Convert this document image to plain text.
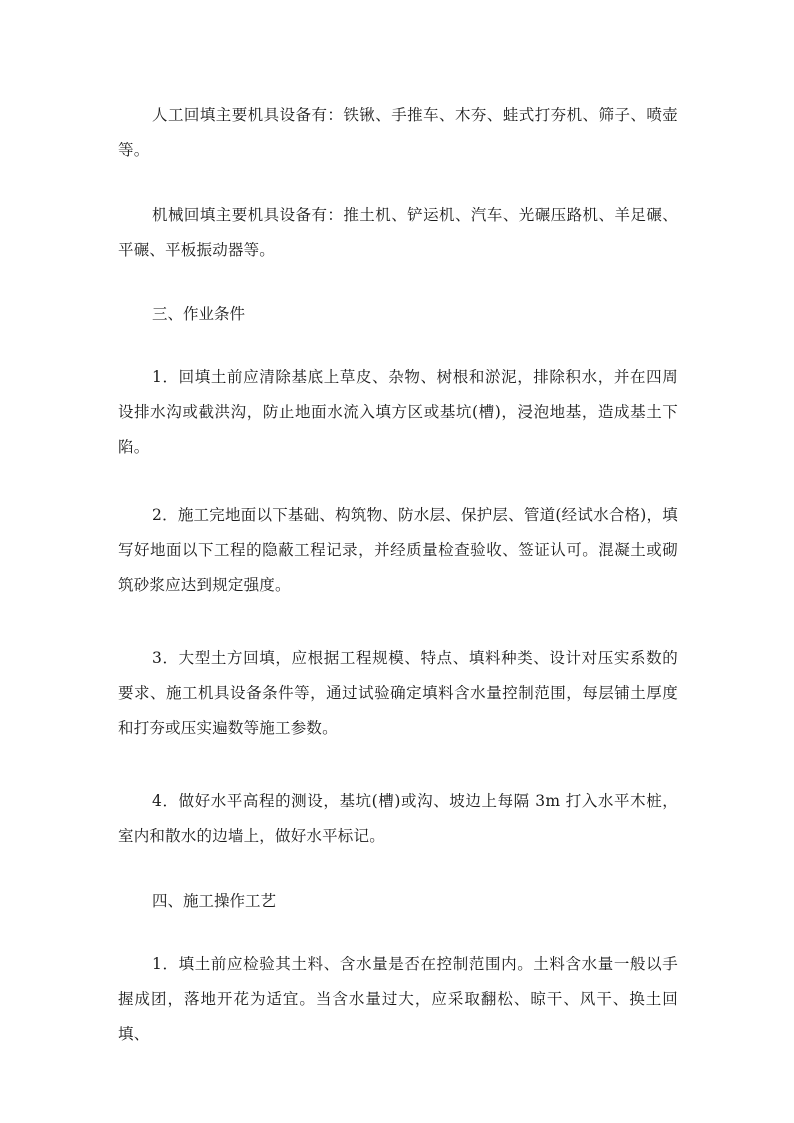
人工回填主要机具设备有：铁锹、手推车、木夯、蛙式打夯机、筛子、喷壶等。

机械回填主要机具设备有：推土机、铲运机、汽车、光碾压路机、羊足碾、平碾、平板振动器等。

三、作业条件

1．回填土前应清除基底上草皮、杂物、树根和淤泥，排除积水，并在四周设排水沟或截洪沟，防止地面水流入填方区或基坑(槽)，浸泡地基，造成基土下陷。

2．施工完地面以下基础、构筑物、防水层、保护层、管道(经试水合格)，填写好地面以下工程的隐蔽工程记录，并经质量检查验收、签证认可。混凝土或砌筑砂浆应达到规定强度。

3．大型土方回填，应根据工程规模、特点、填料种类、设计对压实系数的要求、施工机具设备条件等，通过试验确定填料含水量控制范围，每层铺土厚度和打夯或压实遍数等施工参数。

4．做好水平高程的测设，基坑(槽)或沟、坡边上每隔 3m 打入水平木桩，室内和散水的边墙上，做好水平标记。

四、施工操作工艺

1．填土前应检验其土料、含水量是否在控制范围内。土料含水量一般以手握成团，落地开花为适宜。当含水量过大，应采取翻松、晾干、风干、换土回填、
